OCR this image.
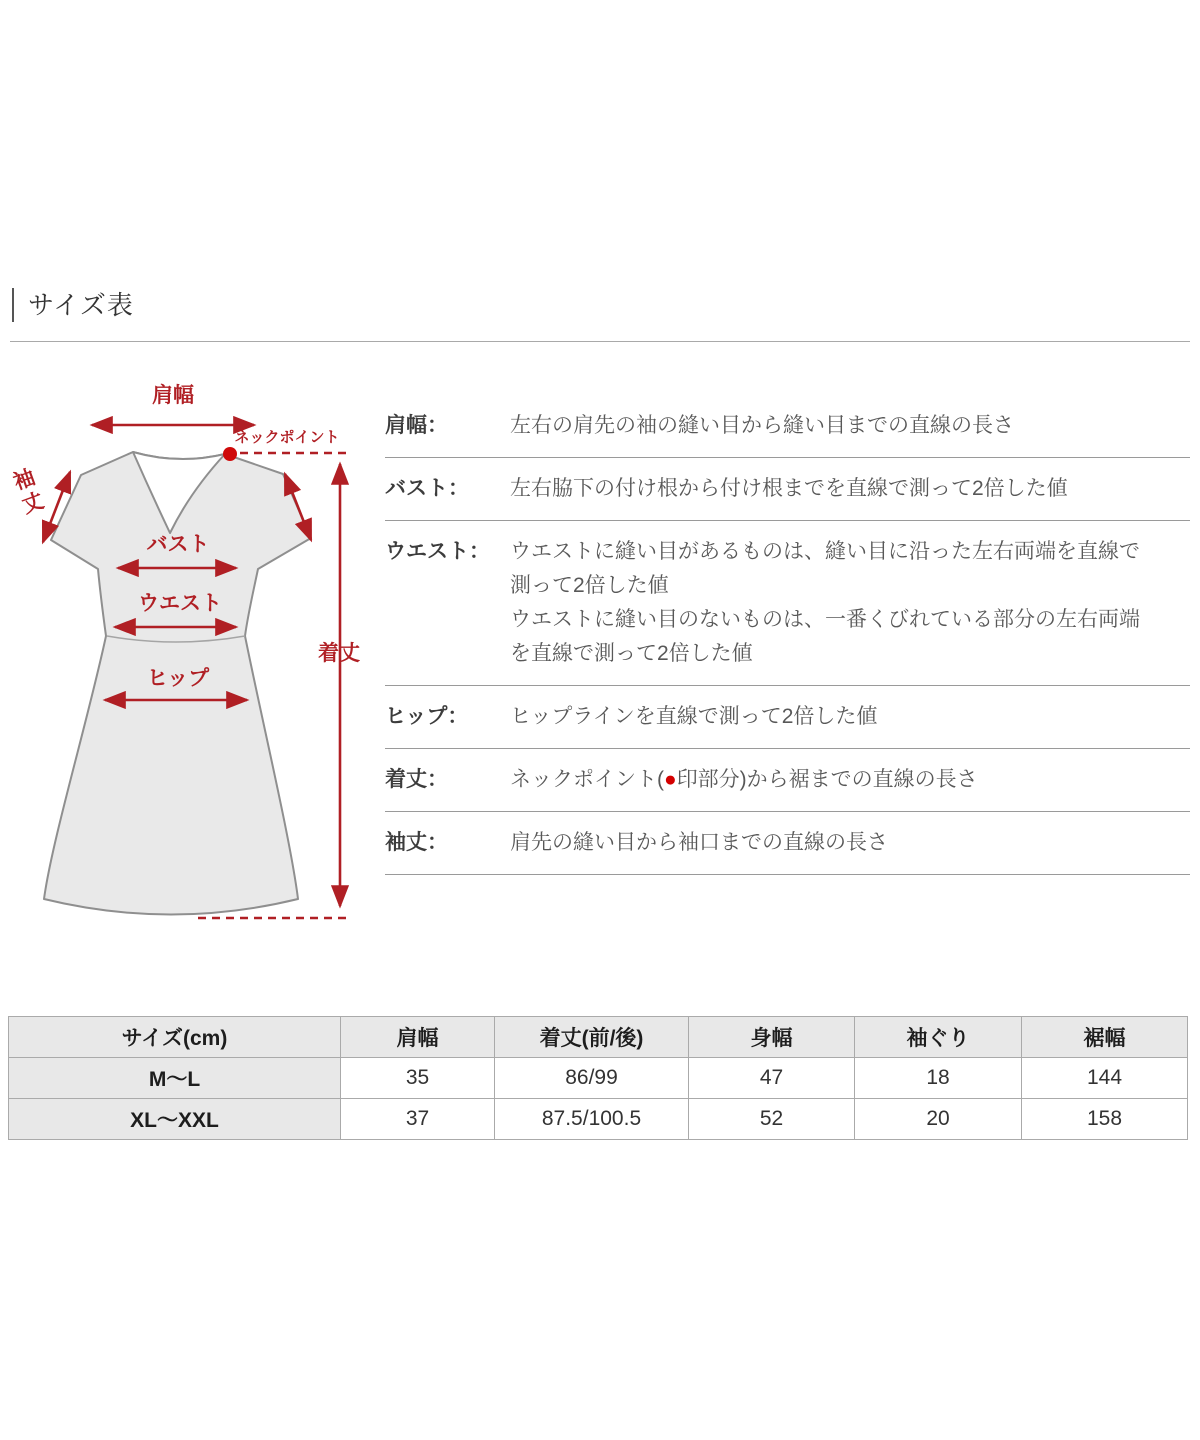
サイズ表
肩幅
ネックポイント
袖丈
バスト
ウエスト
ヒップ
着丈
肩幅：	左右の肩先の袖の縫い目から縫い目までの直線の長さ
バスト：	左右脇下の付け根から付け根までを直線で測って2倍した値
ウエスト： ウエストに縫い目があるものは、縫い目に沿った左右両端を直線で
測って2倍した値
ウエストに縫い目のないものは、一番くびれている部分の左右両端
を直線で測って2倍した値
ヒップ：	ヒップラインを直線で測って2倍した値
着丈：	ネックポイント(●印部分)から裾までの直線の長さ
袖丈：	肩先の縫い目から袖口までの直線の長さ
サイズ(cm)	肩幅	着丈(前/後)	身幅	袖ぐり	裾幅
M〜L	35	86/99	47	18	144
XL〜XXL	37	87.5/100.5	52	20	158
